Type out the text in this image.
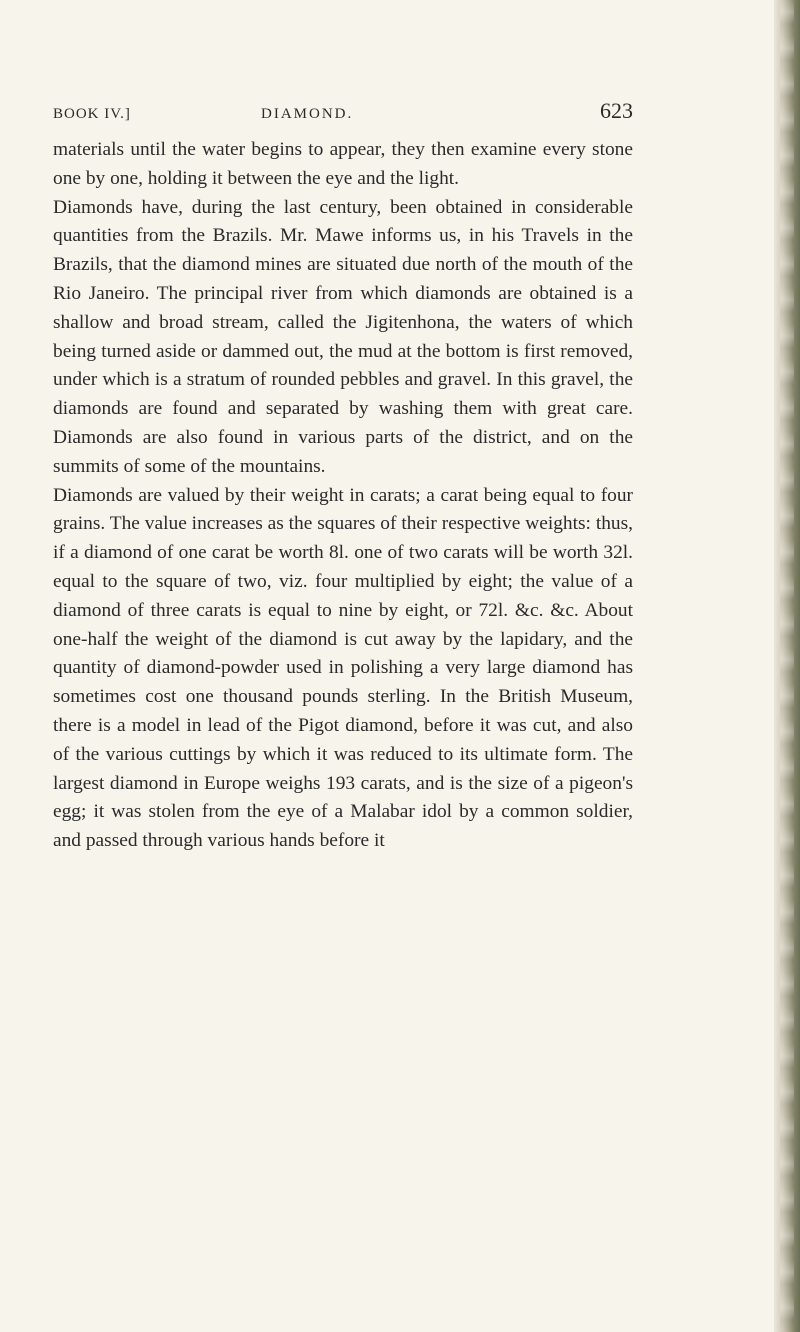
BOOK IV.]	DIAMOND.	623

materials until the water begins to appear, they then examine every stone one by one, holding it between the eye and the light.

Diamonds have, during the last century, been obtained in considerable quantities from the Brazils. Mr. Mawe informs us, in his Travels in the Brazils, that the diamond mines are situated due north of the mouth of the Rio Janeiro. The principal river from which diamonds are obtained is a shallow and broad stream, called the Jigitenhona, the waters of which being turned aside or dammed out, the mud at the bottom is first removed, under which is a stratum of rounded pebbles and gravel. In this gravel, the diamonds are found and separated by washing them with great care. Diamonds are also found in various parts of the district, and on the summits of some of the mountains.

Diamonds are valued by their weight in carats; a carat being equal to four grains. The value increases as the squares of their respective weights: thus, if a diamond of one carat be worth 8l. one of two carats will be worth 32l. equal to the square of two, viz. four multiplied by eight; the value of a diamond of three carats is equal to nine by eight, or 72l. &c. &c. About one-half the weight of the diamond is cut away by the lapidary, and the quantity of diamond-powder used in polishing a very large diamond has sometimes cost one thousand pounds sterling. In the British Museum, there is a model in lead of the Pigot diamond, before it was cut, and also of the various cuttings by which it was reduced to its ultimate form. The largest diamond in Europe weighs 193 carats, and is the size of a pigeon's egg; it was stolen from the eye of a Malabar idol by a common soldier, and passed through various hands before it
